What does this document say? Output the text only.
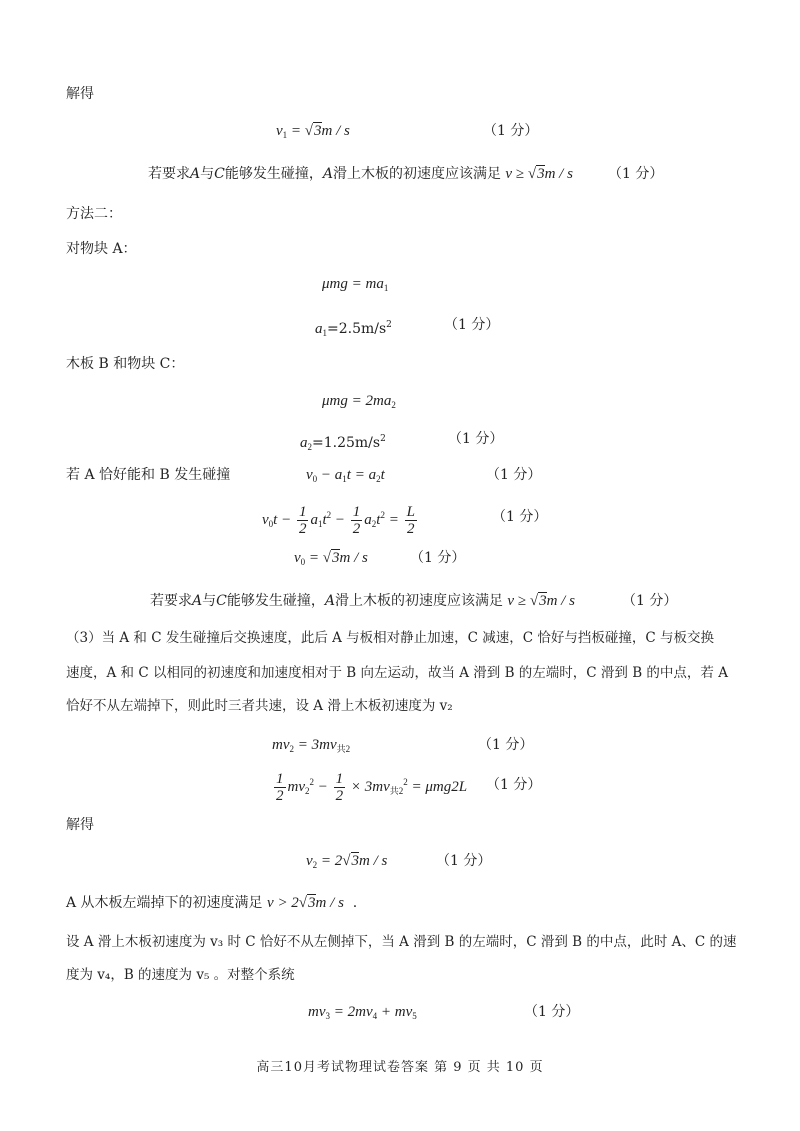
解得
$v_1 = √3m / s$	（1 分）
若要求A与C能够发生碰撞，A滑上木板的初速度应该满足 v ≥ √3m / s	（1 分）
方法二：
对物块 A：
$\mu mg = ma_1$
$a_1=2.5m/s^2$	（1 分）
木板 B 和物块 C：
$\mu mg = 2ma_2$
$a_2=1.25m/s^2$	（1 分）
若 A 恰好能和 B 发生碰撞	$v_0 - a_1t = a_2t$	（1 分）
$v_0t - \frac{1}{2} a_1t^2 - \frac{1}{2} a_2t^2 = \frac{L}{2}$	（1 分）
$v_0 = √3m / s$	（1 分）
若要求A与C能够发生碰撞，A滑上木板的初速度应该满足 v ≥ √3m / s	（1 分）
（3）当 A 和 C 发生碰撞后交换速度，此后 A 与板相对静止加速，C 减速，C 恰好与挡板碰撞，C 与板交换
速度，A 和 C 以相同的初速度和加速度相对于 B 向左运动，故当 A 滑到 B 的左端时，C 滑到 B 的中点，若 A
恰好不从左端掉下，则此时三者共速，设 A 滑上木板初速度为 v₂
$mv_2 = 3mv_{共2}$	（1 分）
$\frac{1}{2} mv_2^2 - \frac{1}{2} \times 3mv_{共2}^2 = \mu mg2L$ （1 分）
解得
$v_2 = 2√3m / s$	（1 分）
A 从木板左端掉下的初速度满足 v > 2√3m / s  .
设 A 滑上木板初速度为 v₃ 时 C 恰好不从左侧掉下，当 A 滑到 B 的左端时，C 滑到 B 的中点，此时 A、C 的速
度为 v₄，B 的速度为 v₅ 。对整个系统
$mv_3 = 2mv_4 + mv_5$	（1 分）
高三10月考试物理试卷答案 第 9 页 共 10 页
